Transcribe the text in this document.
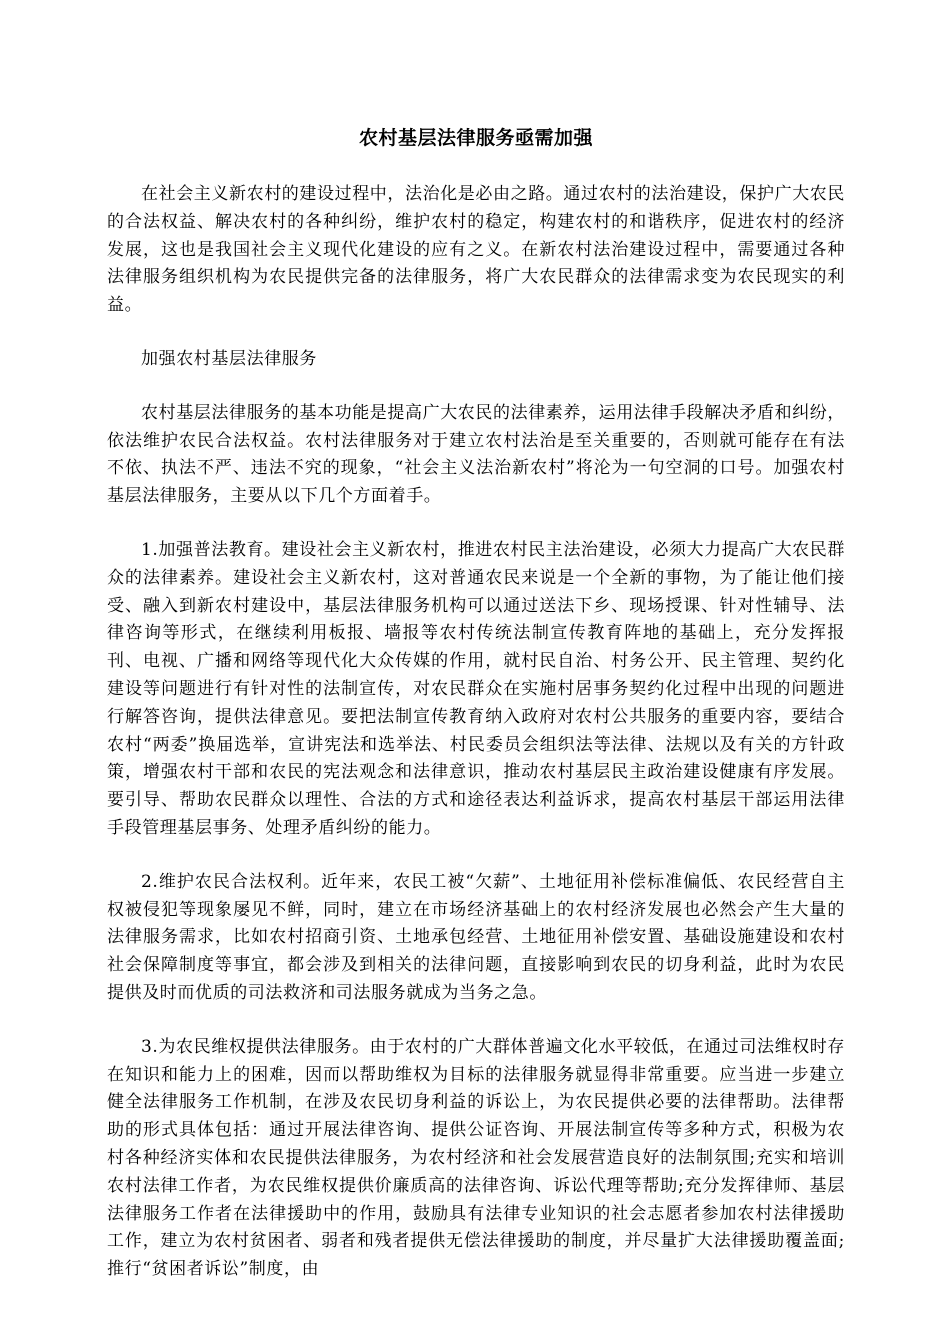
农村基层法律服务亟需加强

在社会主义新农村的建设过程中，法治化是必由之路。通过农村的法治建设，保护广大农民的合法权益、解决农村的各种纠纷，维护农村的稳定，构建农村的和谐秩序，促进农村的经济发展，这也是我国社会主义现代化建设的应有之义。在新农村法治建设过程中，需要通过各种法律服务组织机构为农民提供完备的法律服务，将广大农民群众的法律需求变为农民现实的利益。

加强农村基层法律服务

农村基层法律服务的基本功能是提高广大农民的法律素养，运用法律手段解决矛盾和纠纷，依法维护农民合法权益。农村法律服务对于建立农村法治是至关重要的，否则就可能存在有法不依、执法不严、违法不究的现象，“社会主义法治新农村”将沦为一句空洞的口号。加强农村基层法律服务，主要从以下几个方面着手。

1.加强普法教育。建设社会主义新农村，推进农村民主法治建设，必须大力提高广大农民群众的法律素养。建设社会主义新农村，这对普通农民来说是一个全新的事物，为了能让他们接受、融入到新农村建设中，基层法律服务机构可以通过送法下乡、现场授课、针对性辅导、法律咨询等形式，在继续利用板报、墙报等农村传统法制宣传教育阵地的基础上，充分发挥报刊、电视、广播和网络等现代化大众传媒的作用，就村民自治、村务公开、民主管理、契约化建设等问题进行有针对性的法制宣传，对农民群众在实施村居事务契约化过程中出现的问题进行解答咨询，提供法律意见。要把法制宣传教育纳入政府对农村公共服务的重要内容，要结合农村“两委”换届选举，宣讲宪法和选举法、村民委员会组织法等法律、法规以及有关的方针政策，增强农村干部和农民的宪法观念和法律意识，推动农村基层民主政治建设健康有序发展。要引导、帮助农民群众以理性、合法的方式和途径表达利益诉求，提高农村基层干部运用法律手段管理基层事务、处理矛盾纠纷的能力。

2.维护农民合法权利。近年来，农民工被“欠薪”、土地征用补偿标准偏低、农民经营自主权被侵犯等现象屡见不鲜，同时，建立在市场经济基础上的农村经济发展也必然会产生大量的法律服务需求，比如农村招商引资、土地承包经营、土地征用补偿安置、基础设施建设和农村社会保障制度等事宜，都会涉及到相关的法律问题，直接影响到农民的切身利益，此时为农民提供及时而优质的司法救济和司法服务就成为当务之急。

3.为农民维权提供法律服务。由于农村的广大群体普遍文化水平较低，在通过司法维权时存在知识和能力上的困难，因而以帮助维权为目标的法律服务就显得非常重要。应当进一步建立健全法律服务工作机制，在涉及农民切身利益的诉讼上，为农民提供必要的法律帮助。法律帮助的形式具体包括：通过开展法律咨询、提供公证咨询、开展法制宣传等多种方式，积极为农村各种经济实体和农民提供法律服务，为农村经济和社会发展营造良好的法制氛围;充实和培训农村法律工作者，为农民维权提供价廉质高的法律咨询、诉讼代理等帮助;充分发挥律师、基层法律服务工作者在法律援助中的作用，鼓励具有法律专业知识的社会志愿者参加农村法律援助工作，建立为农村贫困者、弱者和残者提供无偿法律援助的制度，并尽量扩大法律援助覆盖面;推行“贫困者诉讼”制度，由
